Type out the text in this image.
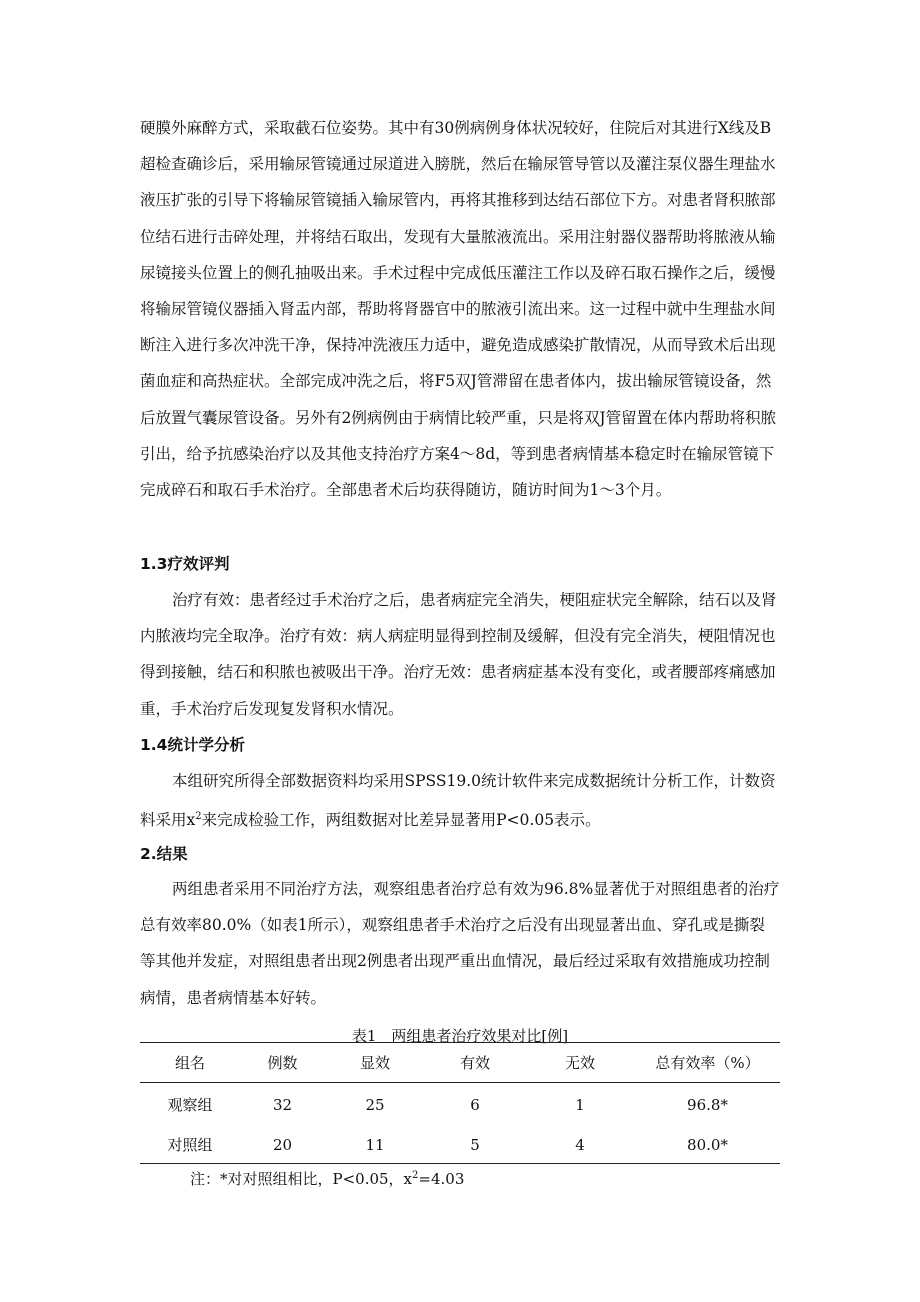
硬膜外麻醉方式，采取截石位姿势。其中有30例病例身体状况较好，住院后对其进行X线及B超检查确诊后，采用输尿管镜通过尿道进入膀胱，然后在输尿管导管以及灌注泵仪器生理盐水液压扩张的引导下将输尿管镜插入输尿管内，再将其推移到达结石部位下方。对患者肾积脓部位结石进行击碎处理，并将结石取出，发现有大量脓液流出。采用注射器仪器帮助将脓液从输尿镜接头位置上的侧孔抽吸出来。手术过程中完成低压灌注工作以及碎石取石操作之后，缓慢将输尿管镜仪器插入肾盂内部，帮助将肾器官中的脓液引流出来。这一过程中就中生理盐水间断注入进行多次冲洗干净，保持冲洗液压力适中，避免造成感染扩散情况，从而导致术后出现菌血症和高热症状。全部完成冲洗之后，将F5双J管滞留在患者体内，拔出输尿管镜设备，然后放置气囊尿管设备。另外有2例病例由于病情比较严重，只是将双J管留置在体内帮助将积脓引出，给予抗感染治疗以及其他支持治疗方案4～8d，等到患者病情基本稳定时在输尿管镜下完成碎石和取石手术治疗。全部患者术后均获得随访，随访时间为1～3个月。

1.3疗效评判

治疗有效：患者经过手术治疗之后，患者病症完全消失，梗阻症状完全解除，结石以及肾内脓液均完全取净。治疗有效：病人病症明显得到控制及缓解，但没有完全消失，梗阻情况也得到接触，结石和积脓也被吸出干净。治疗无效：患者病症基本没有变化，或者腰部疼痛感加重，手术治疗后发现复发肾积水情况。

1.4统计学分析

本组研究所得全部数据资料均采用SPSS19.0统计软件来完成数据统计分析工作，计数资料采用$x^2$来完成检验工作，两组数据对比差异显著用P<0.05表示。

2.结果

两组患者采用不同治疗方法，观察组患者治疗总有效为96.8%显著优于对照组患者的治疗总有效率80.0%（如表1所示），观察组患者手术治疗之后没有出现显著出血、穿孔或是撕裂等其他并发症，对照组患者出现2例患者出现严重出血情况，最后经过采取有效措施成功控制病情，患者病情基本好转。

表1　两组患者治疗效果对比[例]
组名	例数	显效	有效	无效	总有效率（%）
观察组	32	25	6	1	96.8*
对照组	20	11	5	4	80.0*
注：*对对照组相比，P<0.05，$x^2=4.03$
